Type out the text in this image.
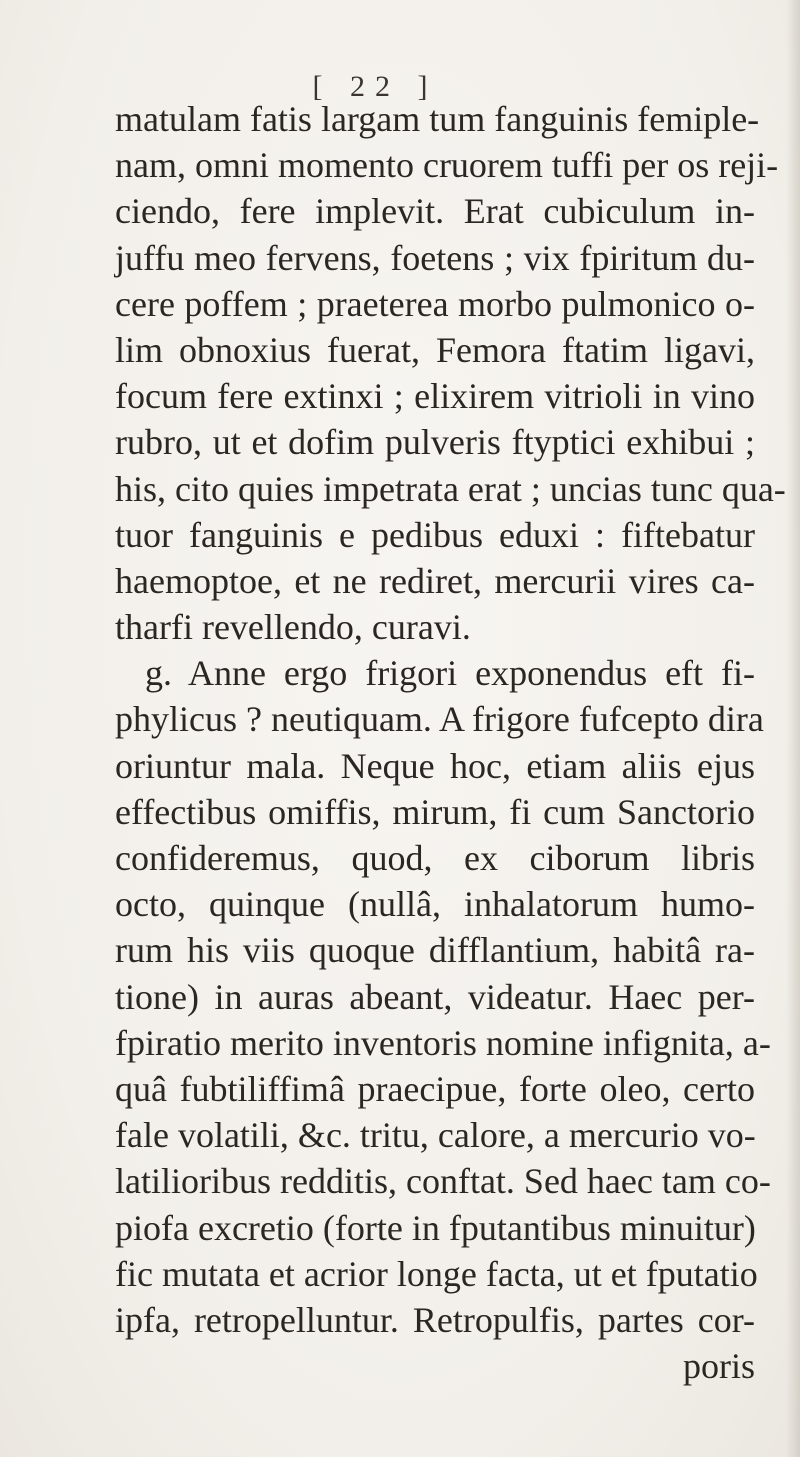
[ 22 ]
matulam fatis largam tum fanguinis femiple-
nam, omni momento cruorem tuffi per os reji-
ciendo, fere implevit. Erat cubiculum in-
juffu meo fervens, foetens ; vix fpiritum du-
cere poffem ; praeterea morbo pulmonico o-
lim obnoxius fuerat, Femora ftatim ligavi,
focum fere extinxi ; elixirem vitrioli in vino
rubro, ut et dofim pulveris ftyptici exhibui ;
his, cito quies impetrata erat ; uncias tunc qua-
tuor fanguinis e pedibus eduxi : fiftebatur
haemoptoe, et ne rediret, mercurii vires ca-
tharfi revellendo, curavi.
g. Anne ergo frigori exponendus eft fi-
phylicus ? neutiquam. A frigore fufcepto dira
oriuntur mala. Neque hoc, etiam aliis ejus
effectibus omiffis, mirum, fi cum Sanctorio
confideremus, quod, ex ciborum libris
octo, quinque (nullâ, inhalatorum humo-
rum his viis quoque difflantium, habitâ ra-
tione) in auras abeant, videatur. Haec per-
fpiratio merito inventoris nomine infignita, a-
quâ fubtiliffimâ praecipue, forte oleo, certo
fale volatili, &c. tritu, calore, a mercurio vo-
latilioribus redditis, conftat. Sed haec tam co-
piofa excretio (forte in fputantibus minuitur)
fic mutata et acrior longe facta, ut et fputatio
ipfa, retropelluntur. Retropulfis, partes cor-
poris
